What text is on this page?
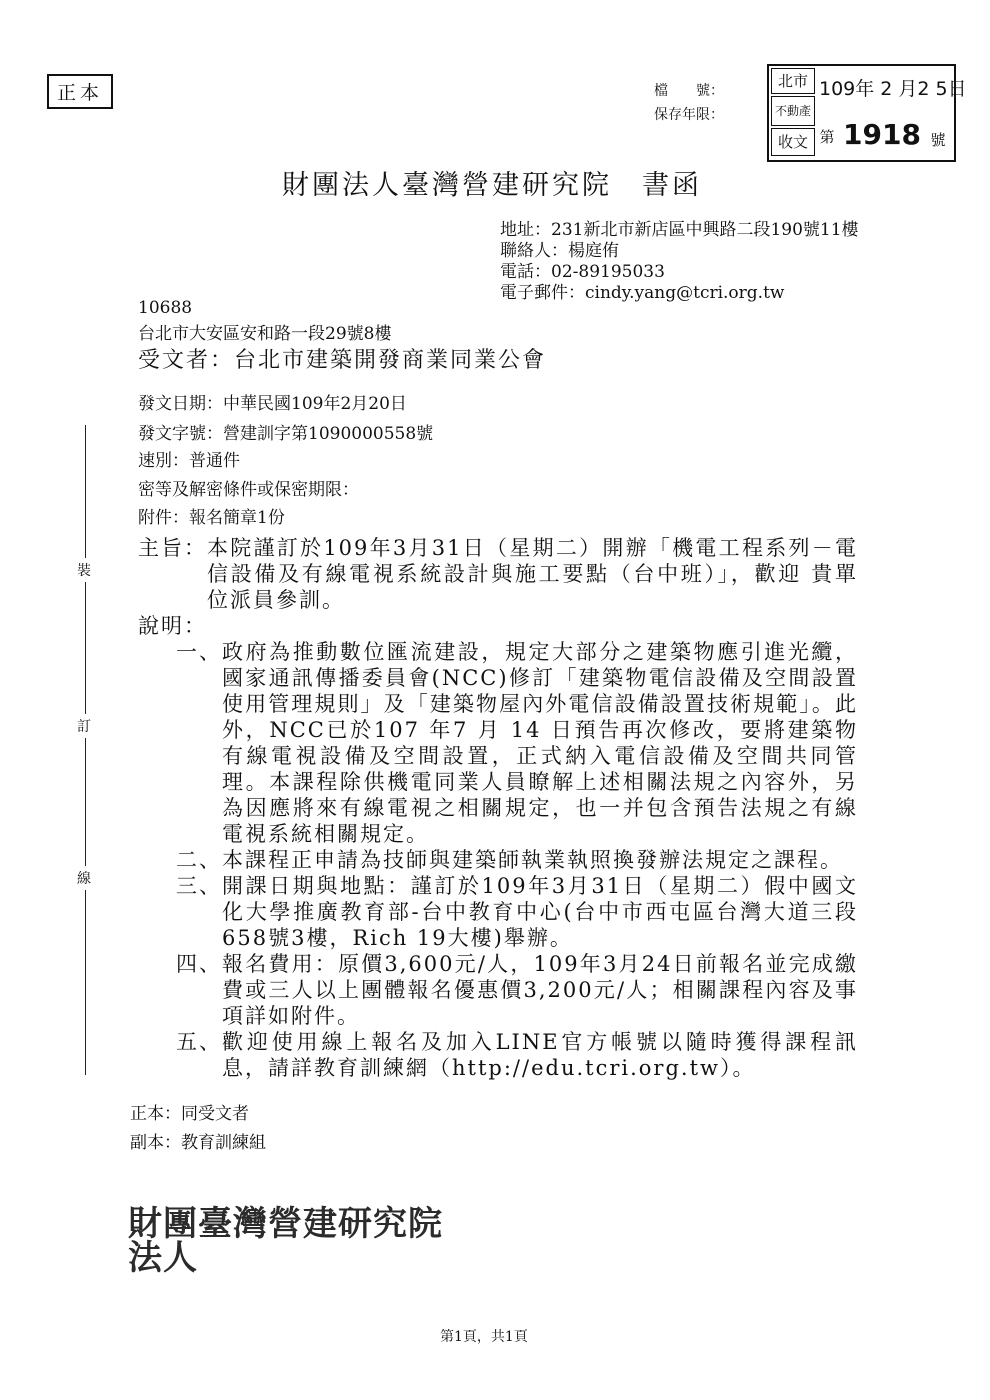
正本	檔　　號：
保存年限：
北市
不動產
收文
109年 2 月2 5日
第 1918 號
財團法人臺灣營建研究院　書函
地址：231新北市新店區中興路二段190號11樓
聯絡人：楊庭侑
電話：02-89195033
電子郵件：cindy.yang@tcri.org.tw
10688
台北市大安區安和路一段29號8樓
受文者：台北市建築開發商業同業公會
發文日期：中華民國109年2月20日
發文字號：營建訓字第1090000558號
速別：普通件
密等及解密條件或保密期限：
附件：報名簡章1份
裝
訂
線
主旨： 本院謹訂於109年3月31日（星期二）開辦「機電工程系列－電信設備及有線電視系統設計與施工要點（台中班）」，歡迎 貴單位派員參訓。
說明：
一、 政府為推動數位匯流建設，規定大部分之建築物應引進光纜，國家通訊傳播委員會(NCC)修訂「建築物電信設備及空間設置使用管理規則」及「建築物屋內外電信設備設置技術規範」。此外，NCC已於107 年7 月 14 日預告再次修改，要將建築物有線電視設備及空間設置，正式納入電信設備及空間共同管理。本課程除供機電同業人員瞭解上述相關法規之內容外，另為因應將來有線電視之相關規定，也一并包含預告法規之有線電視系統相關規定。
二、 本課程正申請為技師與建築師執業執照換發辦法規定之課程。
三、 開課日期與地點：謹訂於109年3月31日（星期二）假中國文化大學推廣教育部-台中教育中心(台中市西屯區台灣大道三段658號3樓，Rich 19大樓)舉辦。
四、 報名費用：原價3,600元/人，109年3月24日前報名並完成繳費或三人以上團體報名優惠價3,200元/人；相關課程內容及事項詳如附件。
五、 歡迎使用線上報名及加入LINE官方帳號以隨時獲得課程訊息，請詳教育訓練網（http://edu.tcri.org.tw）。
正本：同受文者
副本：教育訓練組
財團臺灣營建研究院
法人
第1頁，共1頁
